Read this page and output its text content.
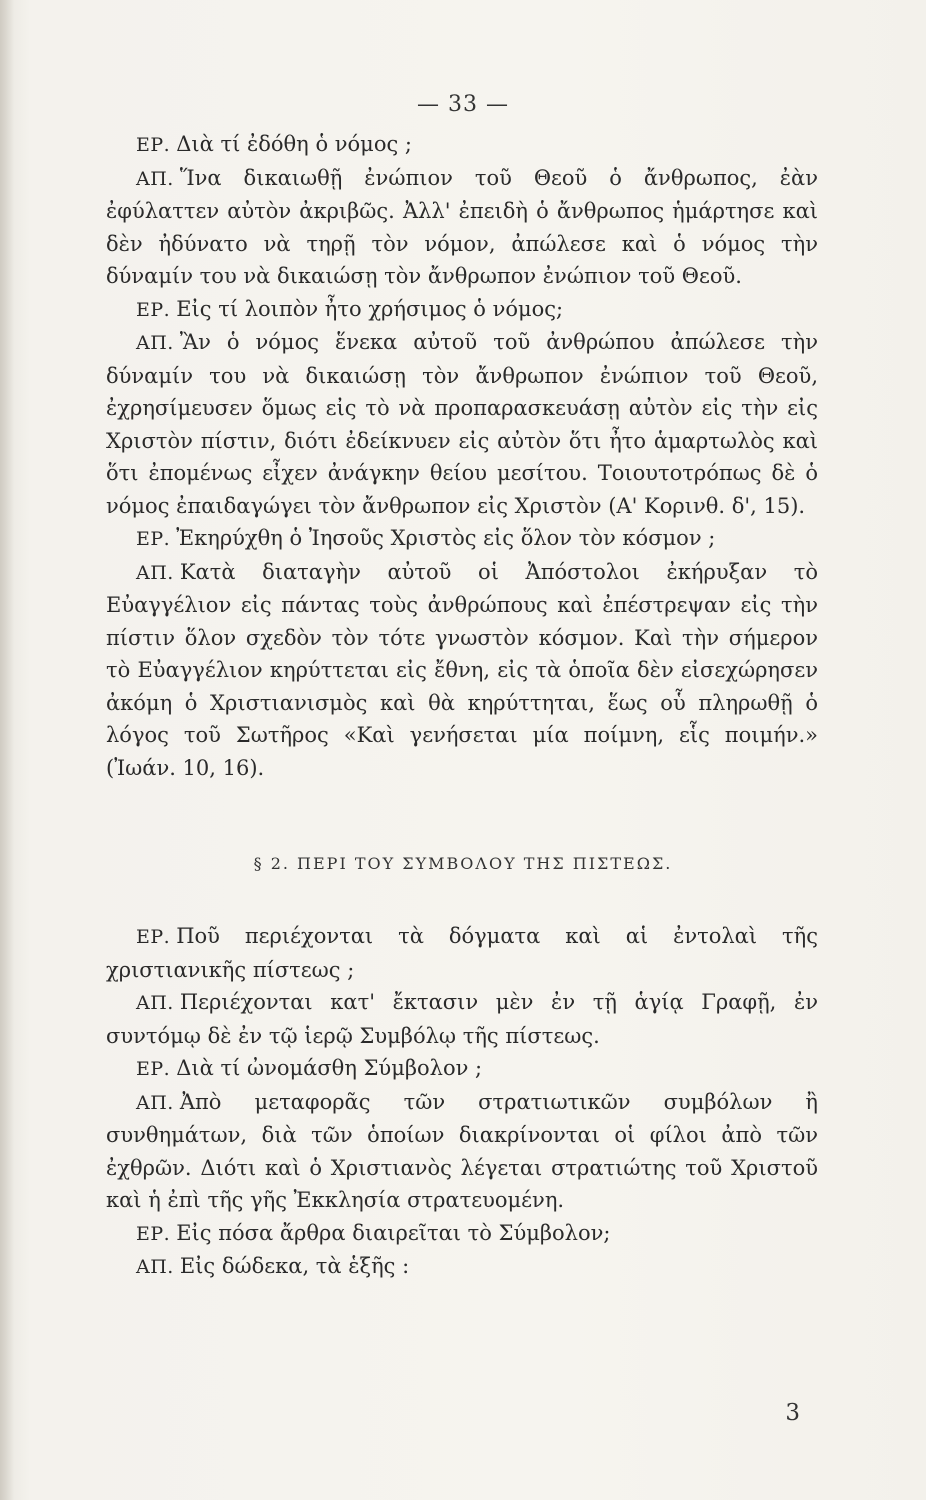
— 33 —

ΕΡ. Διὰ τί ἐδόθη ὁ νόμος ;

ΑΠ. Ἵνα δικαιωθῇ ἐνώπιον τοῦ Θεοῦ ὁ ἄνθρωπος, ἐὰν ἐφύλαττεν αὐτὸν ἀκριβῶς. Ἀλλ' ἐπειδὴ ὁ ἄνθρωπος ἡμάρτησε καὶ δὲν ἠδύνατο νὰ τηρῇ τὸν νόμον, ἀπώλεσε καὶ ὁ νόμος τὴν δύναμίν του νὰ δικαιώσῃ τὸν ἄνθρωπον ἐνώπιον τοῦ Θεοῦ.

ΕΡ. Εἰς τί λοιπὸν ἦτο χρήσιμος ὁ νόμος;

ΑΠ. Ἂν ὁ νόμος ἕνεκα αὐτοῦ τοῦ ἀνθρώπου ἀπώλεσε τὴν δύναμίν του νὰ δικαιώσῃ τὸν ἄνθρωπον ἐνώπιον τοῦ Θεοῦ, ἐχρησίμευσεν ὅμως εἰς τὸ νὰ προπαρασκευάσῃ αὐτὸν εἰς τὴν εἰς Χριστὸν πίστιν, διότι ἐδείκνυεν εἰς αὐτὸν ὅτι ἦτο ἁμαρτωλὸς καὶ ὅτι ἐπομένως εἶχεν ἀνάγκην θείου μεσίτου. Τοιουτοτρόπως δὲ ὁ νόμος ἐπαιδαγώγει τὸν ἄνθρωπον εἰς Χριστὸν (Α' Κορινθ. δ', 15).

ΕΡ. Ἐκηρύχθη ὁ Ἰησοῦς Χριστὸς εἰς ὅλον τὸν κόσμον ;

ΑΠ. Κατὰ διαταγὴν αὐτοῦ οἱ Ἀπόστολοι ἐκήρυξαν τὸ Εὐαγγέλιον εἰς πάντας τοὺς ἀνθρώπους καὶ ἐπέστρεψαν εἰς τὴν πίστιν ὅλον σχεδὸν τὸν τότε γνωστὸν κόσμον. Καὶ τὴν σήμερον τὸ Εὐαγγέλιον κηρύττεται εἰς ἔθνη, εἰς τὰ ὁποῖα δὲν εἰσεχώρησεν ἀκόμη ὁ Χριστιανισμὸς καὶ θὰ κηρύττηται, ἕως οὗ πληρωθῇ ὁ λόγος τοῦ Σωτῆρος «Καὶ γενήσεται μία ποίμνη, εἷς ποιμήν.» (Ἰωάν. 10, 16).

§ 2. ΠΕΡΙ ΤΟΥ ΣΥΜΒΟΛΟΥ ΤΗΣ ΠΙΣΤΕΩΣ.

ΕΡ. Ποῦ περιέχονται τὰ δόγματα καὶ αἱ ἐντολαὶ τῆς χριστιανικῆς πίστεως ;

ΑΠ. Περιέχονται κατ' ἔκτασιν μὲν ἐν τῇ ἁγίᾳ Γραφῇ, ἐν συντόμῳ δὲ ἐν τῷ ἱερῷ Συμβόλῳ τῆς πίστεως.

ΕΡ. Διὰ τί ὠνομάσθη Σύμβολον ;

ΑΠ. Ἀπὸ μεταφορᾶς τῶν στρατιωτικῶν συμβόλων ἢ συνθημάτων, διὰ τῶν ὁποίων διακρίνονται οἱ φίλοι ἀπὸ τῶν ἐχθρῶν. Διότι καὶ ὁ Χριστιανὸς λέγεται στρατιώτης τοῦ Χριστοῦ καὶ ἡ ἐπὶ τῆς γῆς Ἐκκλησία στρατευομένη.

ΕΡ. Εἰς πόσα ἄρθρα διαιρεῖται τὸ Σύμβολον;

ΑΠ. Εἰς δώδεκα, τὰ ἑξῆς :

3
